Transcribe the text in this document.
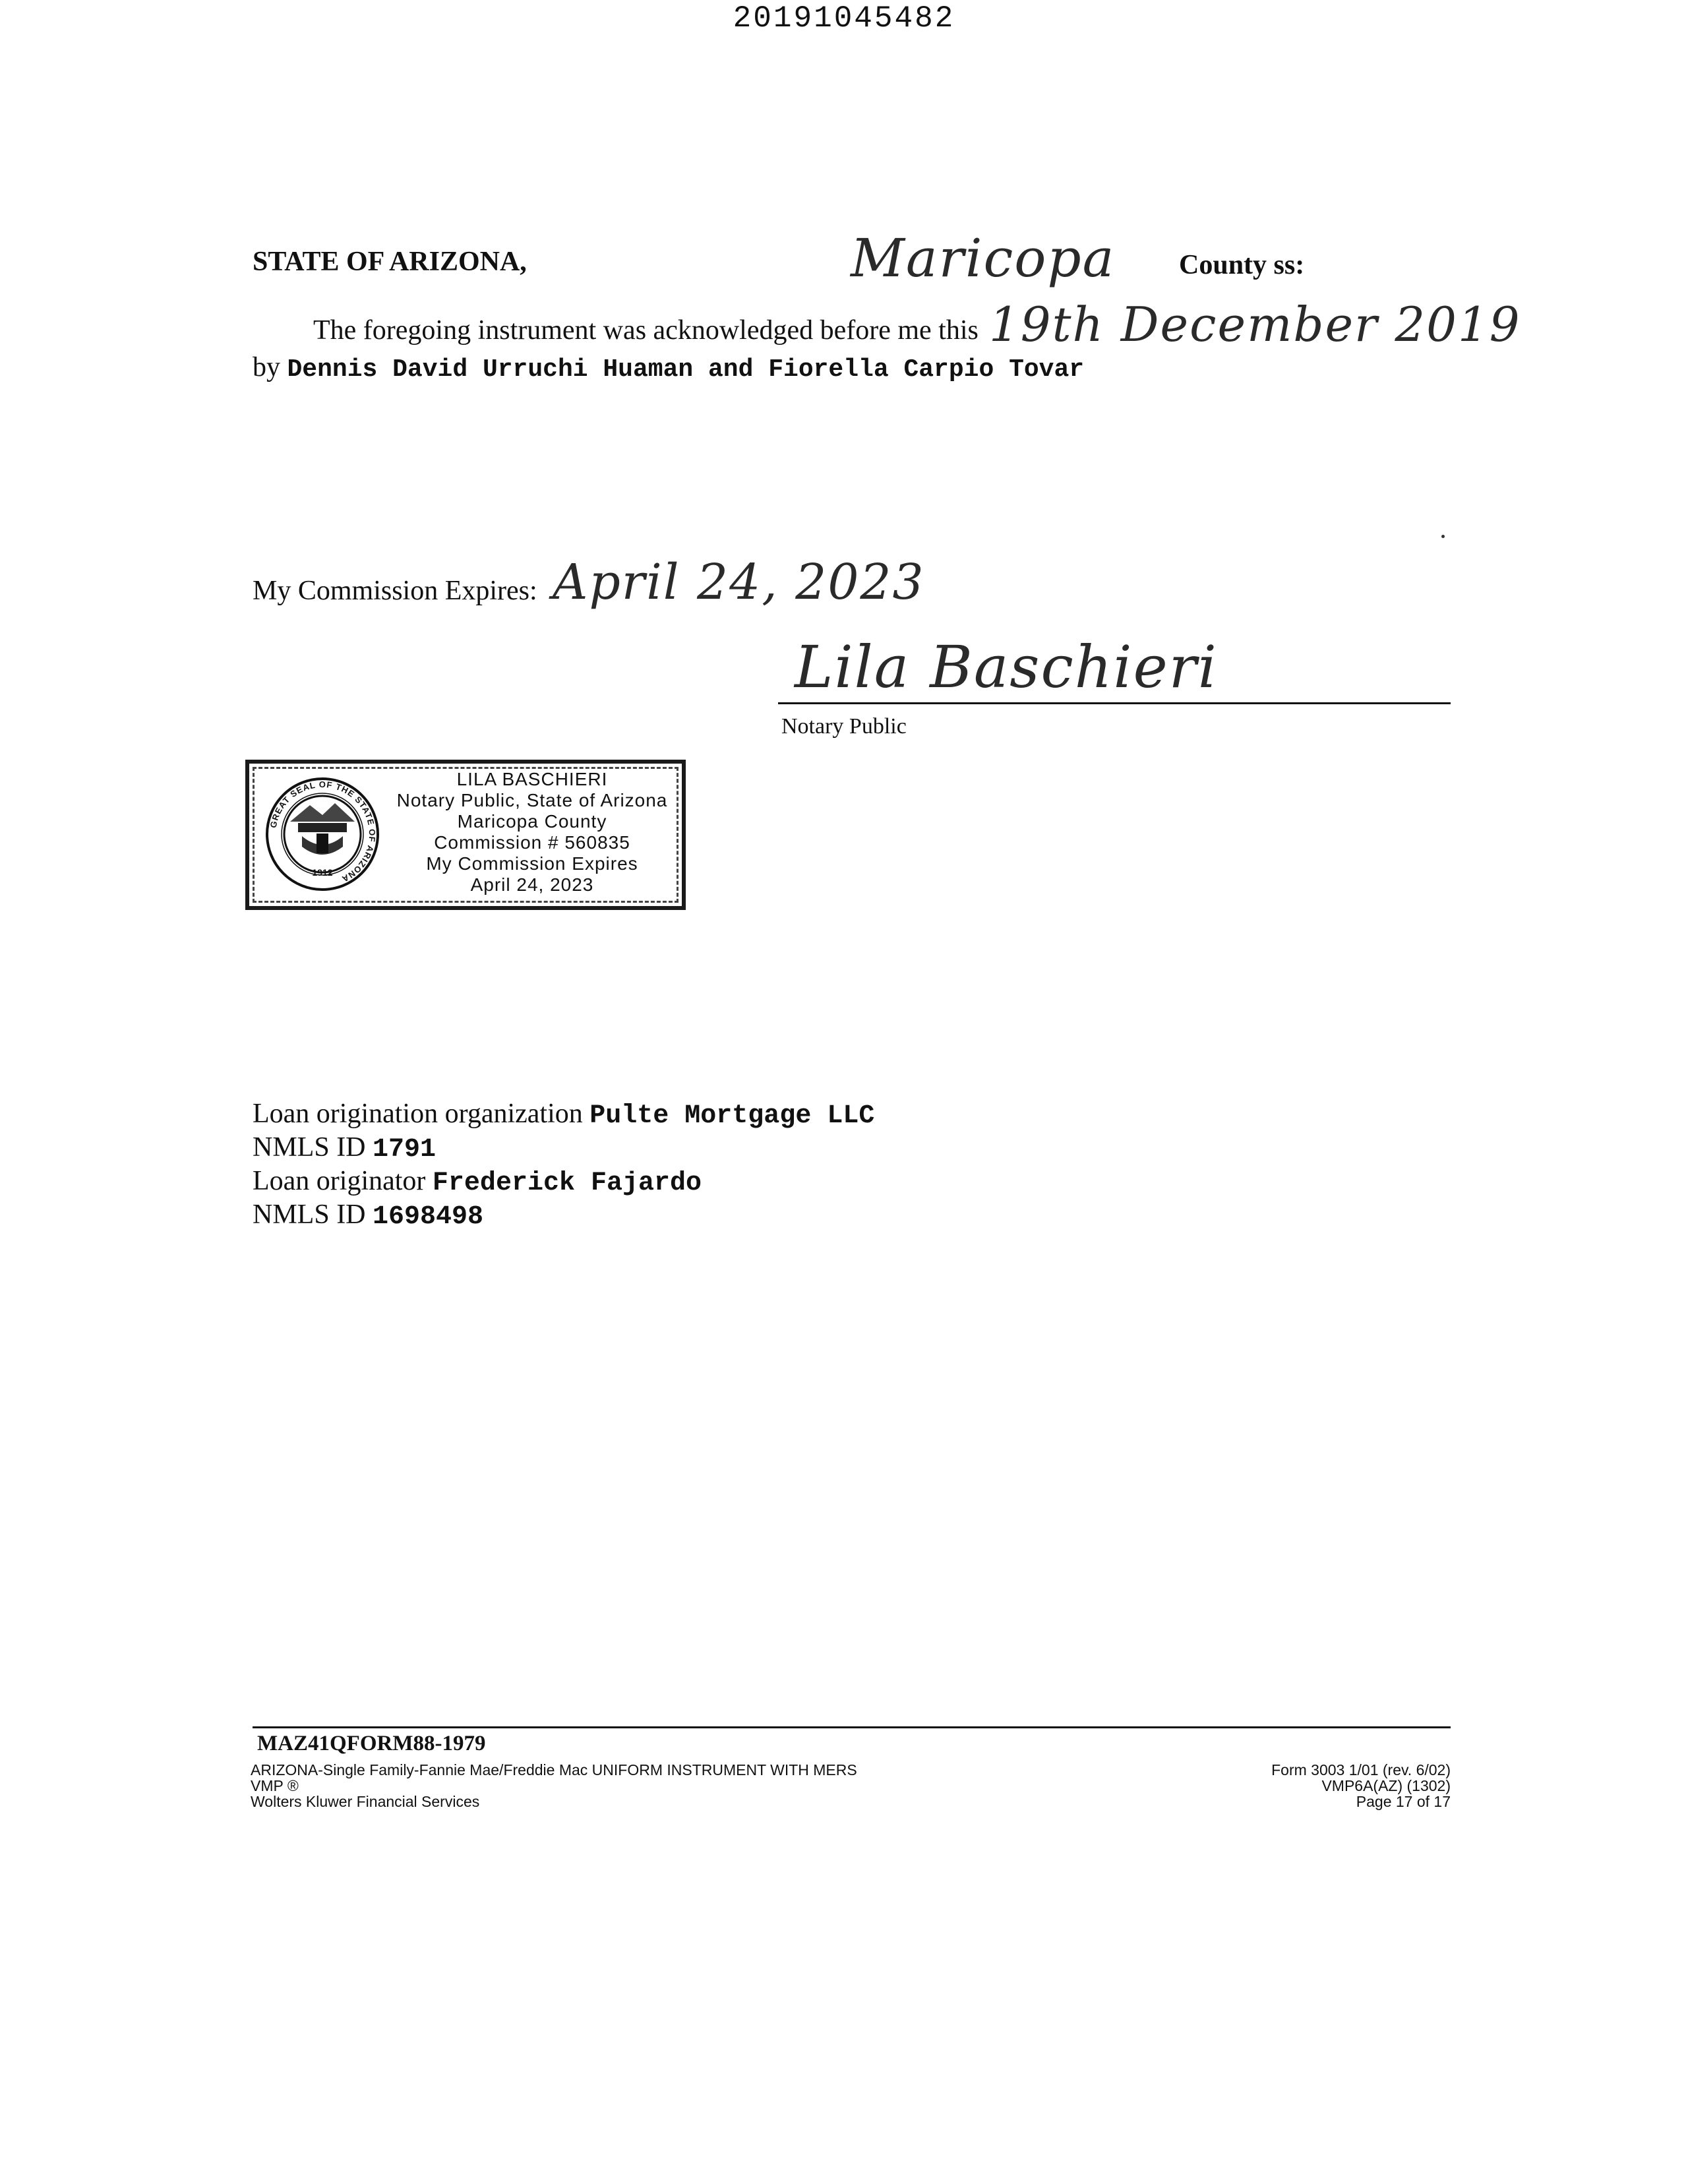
20191045482
STATE OF ARIZONA,	Maricopa County ss:
The foregoing instrument was acknowledged before me this 19th December 2019
by Dennis David Urruchi Huaman and Fiorella Carpio Tovar
My Commission Expires: April 24, 2023
Lila Baschieri
Notary Public
GREAT SEAL OF THE STATE OF ARIZONA
1912
LILA BASCHIERI
Notary Public, State of Arizona
Maricopa County
Commission # 560835
My Commission Expires
April 24, 2023
Loan origination organization Pulte Mortgage LLC
NMLS ID 1791
Loan originator Frederick Fajardo
NMLS ID 1698498
MAZ41QFORM88-1979
ARIZONA-Single Family-Fannie Mae/Freddie Mac UNIFORM INSTRUMENT WITH MERS
VMP ®
Wolters Kluwer Financial Services
Form 3003 1/01 (rev. 6/02)
VMP6A(AZ) (1302)
Page 17 of 17
